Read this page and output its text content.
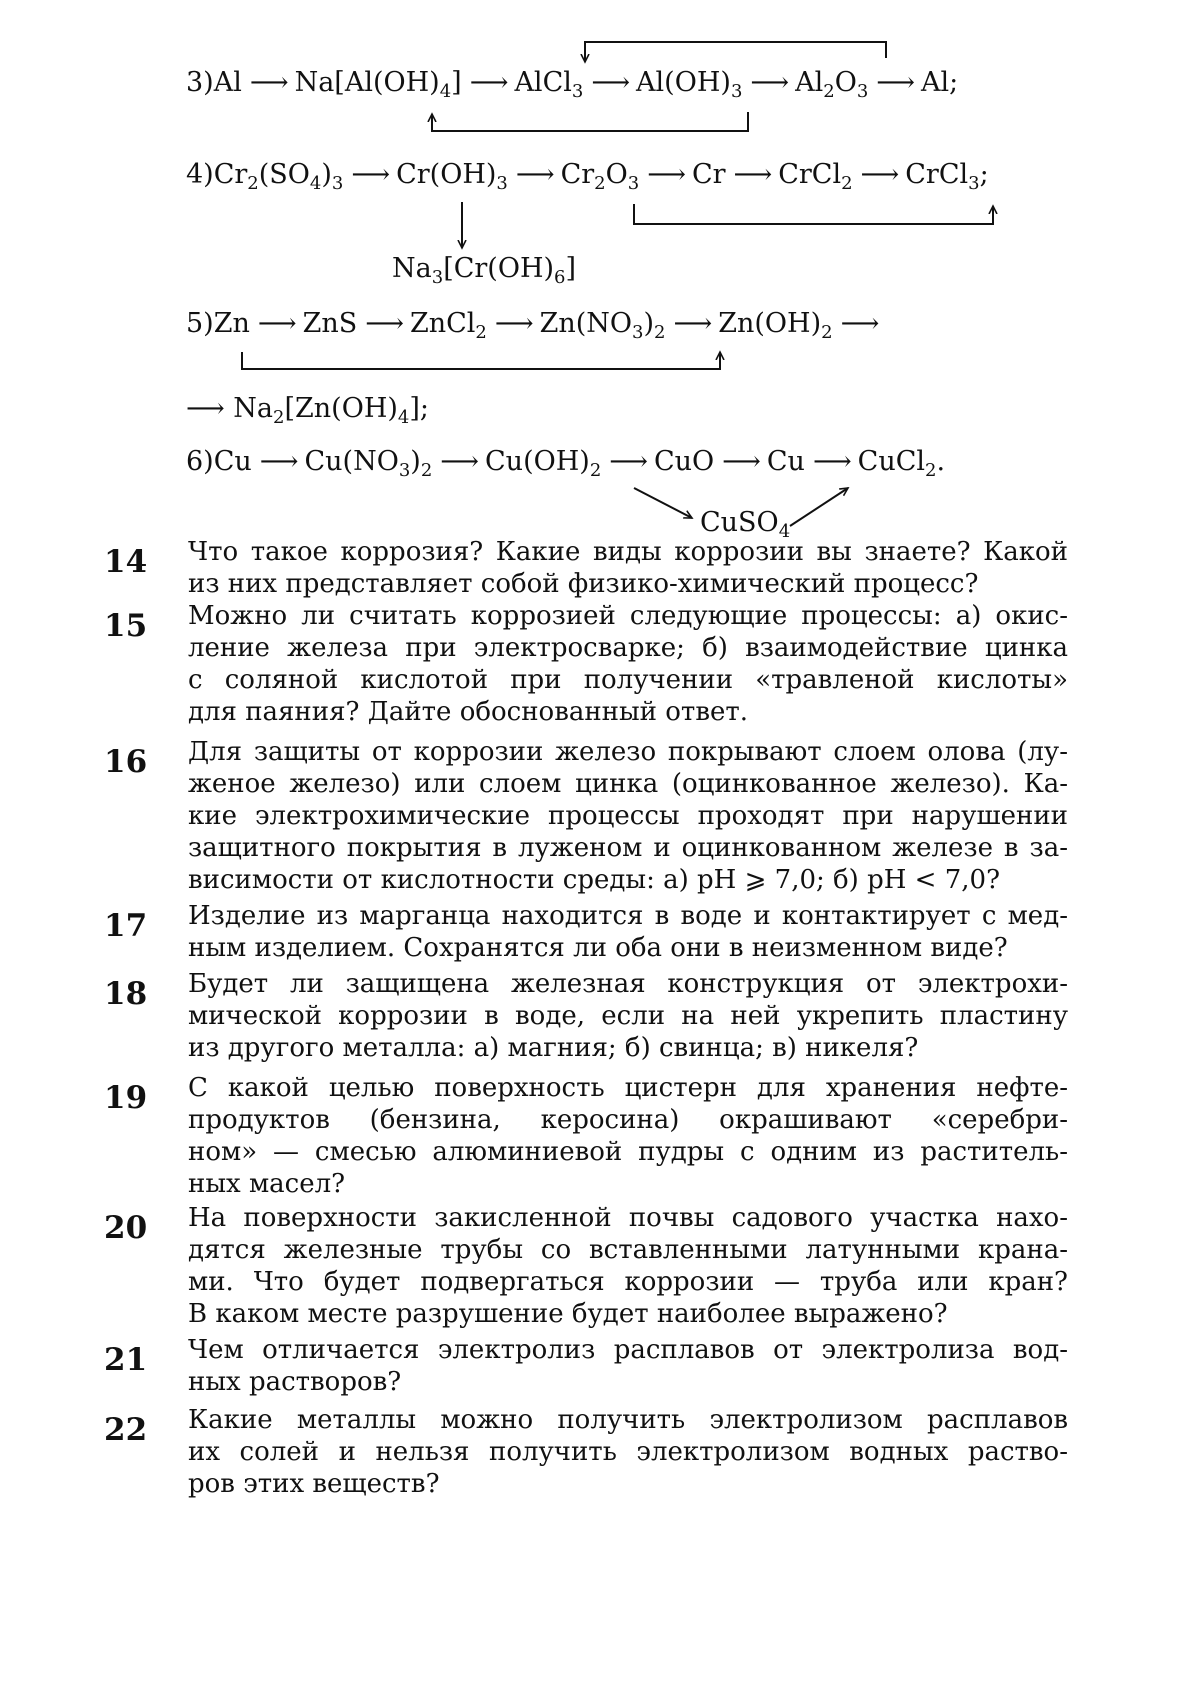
3)Al ⟶ $Na[Al(OH)_4]$ ⟶ AlCl$_3$ ⟶ $Al(OH)_3$ ⟶ $Al_2O_3$ ⟶ Al;
$4)Cr_2(SO_4)_3$ ⟶ $Cr(OH)_3$ ⟶ $Cr_2O_3$ ⟶ Cr ⟶ CrCl$_2$ ⟶ CrCl$_3$;
$Na_3[Cr(OH)_6]$
5)Zn ⟶ ZnS ⟶ ZnCl$_2$ ⟶ $Zn(NO_3)_2$ ⟶ $Zn(OH)_2$ ⟶
⟶ $Na_2[Zn(OH)_4]$;
6)Cu ⟶ $Cu(NO_3)_2$ ⟶ $Cu(OH)_2$ ⟶ CuO ⟶ Cu ⟶ CuCl$_2$.
CuSO$_4$
14	Что такое коррозия? Какие виды коррозии вы знаете? Какой
из них представляет собой физико-химический процесс?
15	Можно ли считать коррозией следующие процессы: а) окис-
ление железа при электросварке; б) взаимодействие цинка
с соляной кислотой при получении «травленой кислоты»
для паяния? Дайте обоснованный ответ.
16	Для защиты от коррозии железо покрывают слоем олова (лу-
женое железо) или слоем цинка (оцинкованное железо). Ка-
кие электрохимические процессы проходят при нарушении
защитного покрытия в луженом и оцинкованном железе в за-
висимости от кислотности среды: а) pH ⩾ 7,0; б) pH < 7,0?
17	Изделие из марганца находится в воде и контактирует с мед-
ным изделием. Сохранятся ли оба они в неизменном виде?
18	Будет ли защищена железная конструкция от электрохи-
мической коррозии в воде, если на ней укрепить пластину
из другого металла: а) магния; б) свинца; в) никеля?
19	С какой целью поверхность цистерн для хранения нефте-
продуктов (бензина, керосина) окрашивают «серебри-
ном» — смесью алюминиевой пудры с одним из раститель-
ных масел?
20	На поверхности закисленной почвы садового участка нахо-
дятся железные трубы со вставленными латунными крана-
ми. Что будет подвергаться коррозии — труба или кран?
В каком месте разрушение будет наиболее выражено?
21	Чем отличается электролиз расплавов от электролиза вод-
ных растворов?
22	Какие металлы можно получить электролизом расплавов
их солей и нельзя получить электролизом водных раство-
ров этих веществ?
